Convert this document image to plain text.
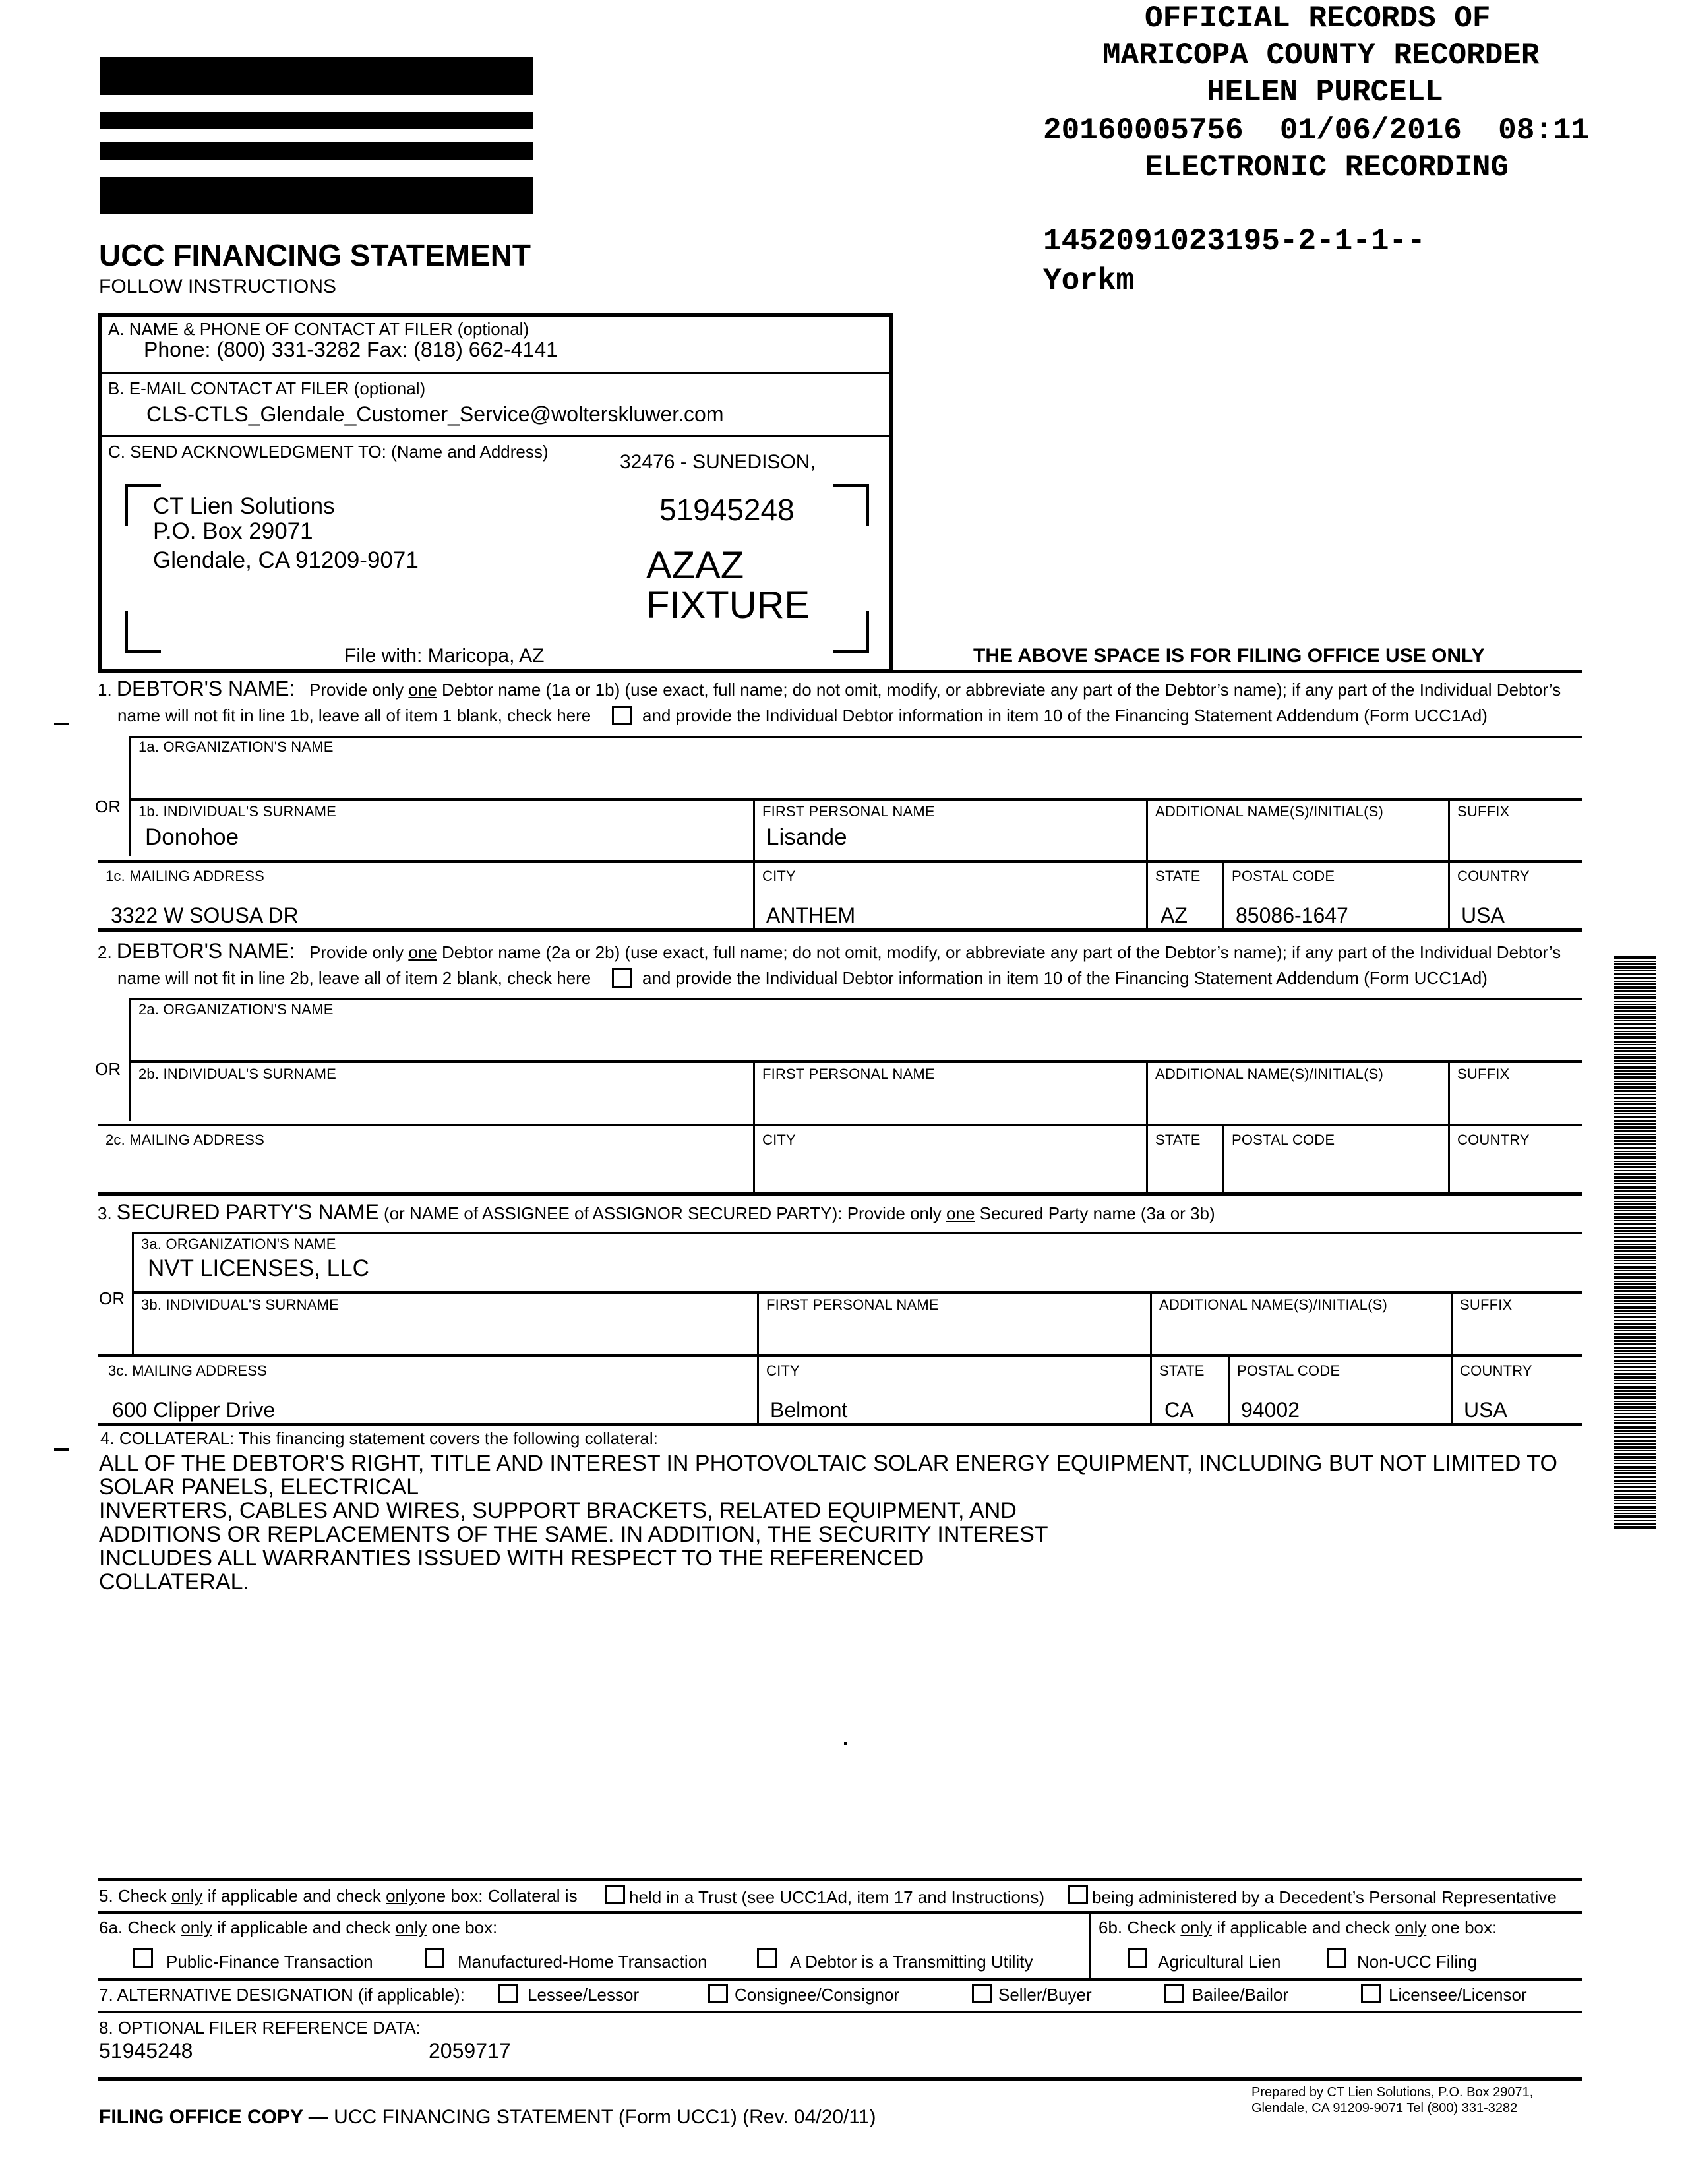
OFFICIAL RECORDS OF
MARICOPA COUNTY RECORDER
HELEN PURCELL
20160005756  01/06/2016  08:11
ELECTRONIC RECORDING
1452091023195-2-1-1--
Yorkm
UCC FINANCING STATEMENT
FOLLOW INSTRUCTIONS
A. NAME & PHONE OF CONTACT AT FILER (optional)
Phone: (800) 331-3282 Fax: (818) 662-4141
B. E-MAIL CONTACT AT FILER (optional)
CLS-CTLS_Glendale_Customer_Service@wolterskluwer.com
C. SEND ACKNOWLEDGMENT TO: (Name and Address)	32476 - SUNEDISON,
CT Lien Solutions
P.O. Box 29071
Glendale, CA 91209-9071
51945248
AZAZ
FIXTURE
File with: Maricopa, AZ	THE ABOVE SPACE IS FOR FILING OFFICE USE ONLY
1. DEBTOR'S NAME: Provide only one Debtor name (1a or 1b) (use exact, full name; do not omit, modify, or abbreviate any part of the Debtor’s name); if any part of the Individual Debtor’s
name will not fit in line 1b, leave all of item 1 blank, check here	and provide the Individual Debtor information in item 10 of the Financing Statement Addendum (Form UCC1Ad)
1a. ORGANIZATION'S NAME
OR 1b. INDIVIDUAL'S SURNAME
Donohoe
FIRST PERSONAL NAME
Lisande
ADDITIONAL NAME(S)/INITIAL(S)	SUFFIX
1c. MAILING ADDRESS
3322 W SOUSA DR
CITY
ANTHEM
STATE
AZ
POSTAL CODE
85086-1647
COUNTRY
USA
2. DEBTOR'S NAME: Provide only one Debtor name (2a or 2b) (use exact, full name; do not omit, modify, or abbreviate any part of the Debtor’s name); if any part of the Individual Debtor’s
name will not fit in line 2b, leave all of item 2 blank, check here	and provide the Individual Debtor information in item 10 of the Financing Statement Addendum (Form UCC1Ad)
2a. ORGANIZATION'S NAME
OR 2b. INDIVIDUAL'S SURNAME	FIRST PERSONAL NAME	ADDITIONAL NAME(S)/INITIAL(S)	SUFFIX
2c. MAILING ADDRESS	CITY	STATE POSTAL CODE	COUNTRY
3. SECURED PARTY'S NAME (or NAME of ASSIGNEE of ASSIGNOR SECURED PARTY): Provide only one Secured Party name (3a or 3b)
3a. ORGANIZATION'S NAME
NVT LICENSES, LLC
OR 3b. INDIVIDUAL'S SURNAME	FIRST PERSONAL NAME	ADDITIONAL NAME(S)/INITIAL(S)	SUFFIX
3c. MAILING ADDRESS
600 Clipper Drive
CITY
Belmont
STATE
CA
POSTAL CODE
94002
COUNTRY
USA
4. COLLATERAL: This financing statement covers the following collateral:
ALL OF THE DEBTOR'S RIGHT, TITLE AND INTEREST IN PHOTOVOLTAIC SOLAR ENERGY EQUIPMENT, INCLUDING BUT NOT LIMITED TO
SOLAR PANELS, ELECTRICAL
INVERTERS, CABLES AND WIRES, SUPPORT BRACKETS, RELATED EQUIPMENT, AND
ADDITIONS OR REPLACEMENTS OF THE SAME. IN ADDITION, THE SECURITY INTEREST
INCLUDES ALL WARRANTIES ISSUED WITH RESPECT TO THE REFERENCED
COLLATERAL.
5. Check only if applicable and check onlyone box: Collateral is	held in a Trust (see UCC1Ad, item 17 and Instructions)	being administered by a Decedent’s Personal Representative
6a. Check only if applicable and check only one box:	6b. Check only if applicable and check only one box:
Public-Finance Transaction	Manufactured-Home Transaction	A Debtor is a Transmitting Utility	Agricultural Lien	Non-UCC Filing
7. ALTERNATIVE DESIGNATION (if applicable):	Lessee/Lessor	Consignee/Consignor	Seller/Buyer	Bailee/Bailor	Licensee/Licensor
8. OPTIONAL FILER REFERENCE DATA:
51945248	2059717
FILING OFFICE COPY — UCC FINANCING STATEMENT (Form UCC1) (Rev. 04/20/11)
Prepared by CT Lien Solutions, P.O. Box 29071,
Glendale, CA 91209-9071 Tel (800) 331-3282
